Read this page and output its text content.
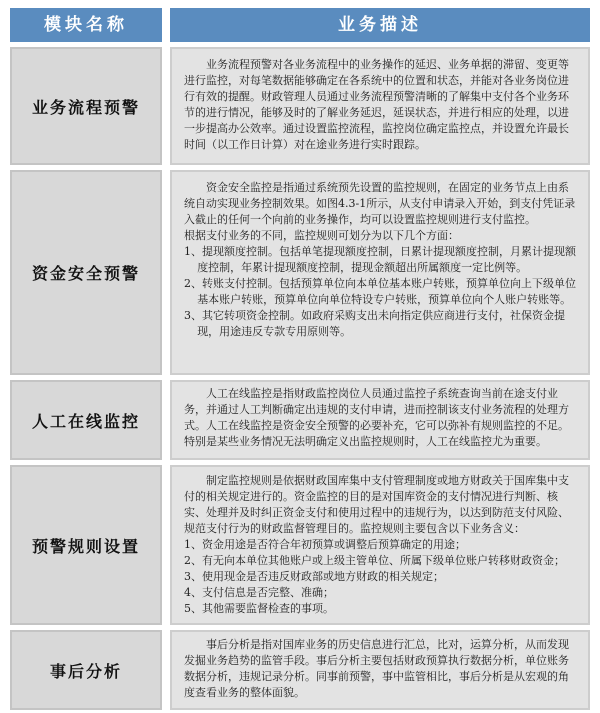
模块名称	业务描述
业务流程预警

业务流程预警对各业务流程中的业务操作的延迟、业务单据的滞留、变更等进行监控，对每笔数据能够确定在各系统中的位置和状态，并能对各业务岗位进行有效的提醒。财政管理人员通过业务流程预警清晰的了解集中支付各个业务环节的进行情况，能够及时的了解业务延迟，延误状态，并进行相应的处理，以进一步提高办公效率。通过设置监控流程，监控岗位确定监控点，并设置允许最长时间（以工作日计算）对在途业务进行实时跟踪。

资金安全预警

资金安全监控是指通过系统预先设置的监控规则，在固定的业务节点上由系统自动实现业务控制效果。如图4.3-1所示，从支付申请录入开始，到支付凭证录入截止的任何一个向前的业务操作，均可以设置监控规则进行支付监控。

根据支付业务的不同，监控规则可划分为以下几个方面：

1、提现额度控制。包括单笔提现额度控制，日累计提现额度控制，月累计提现额度控制，年累计提现额度控制，提现金额超出所属额度一定比例等。

2、转账支付控制。包括预算单位向本单位基本账户转账，预算单位向上下级单位基本账户转账，预算单位向单位特设专户转账，预算单位向个人账户转账等。

3、其它转项资金控制。如政府采购支出未向指定供应商进行支付，社保资金提现，用途违反专款专用原则等。

人工在线监控

人工在线监控是指财政监控岗位人员通过监控子系统查询当前在途支付业务，并通过人工判断确定出违规的支付申请，进而控制该支付业务流程的处理方式。人工在线监控是资金安全预警的必要补充，它可以弥补有规则监控的不足。特别是某些业务情况无法明确定义出监控规则时，人工在线监控尤为重要。

预警规则设置

制定监控规则是依据财政国库集中支付管理制度或地方财政关于国库集中支付的相关规定进行的。资金监控的目的是对国库资金的支付情况进行判断、核实、处理并及时纠正资金支付和使用过程中的违规行为，以达到防范支付风险、规范支付行为的财政监督管理目的。监控规则主要包含以下业务含义：

1、资金用途是否符合年初预算或调整后预算确定的用途；

2、有无向本单位其他账户或上级主管单位、所属下级单位账户转移财政资金；

3、使用现金是否违反财政部或地方财政的相关规定；

4、支付信息是否完整、准确；

5、其他需要监督检查的事项。

事后分析

事后分析是指对国库业务的历史信息进行汇总，比对，运算分析，从而发现发掘业务趋势的监管手段。事后分析主要包括财政预算执行数据分析，单位账务数据分析，违规记录分析。同事前预警，事中监管相比，事后分析是从宏观的角度查看业务的整体面貌。
